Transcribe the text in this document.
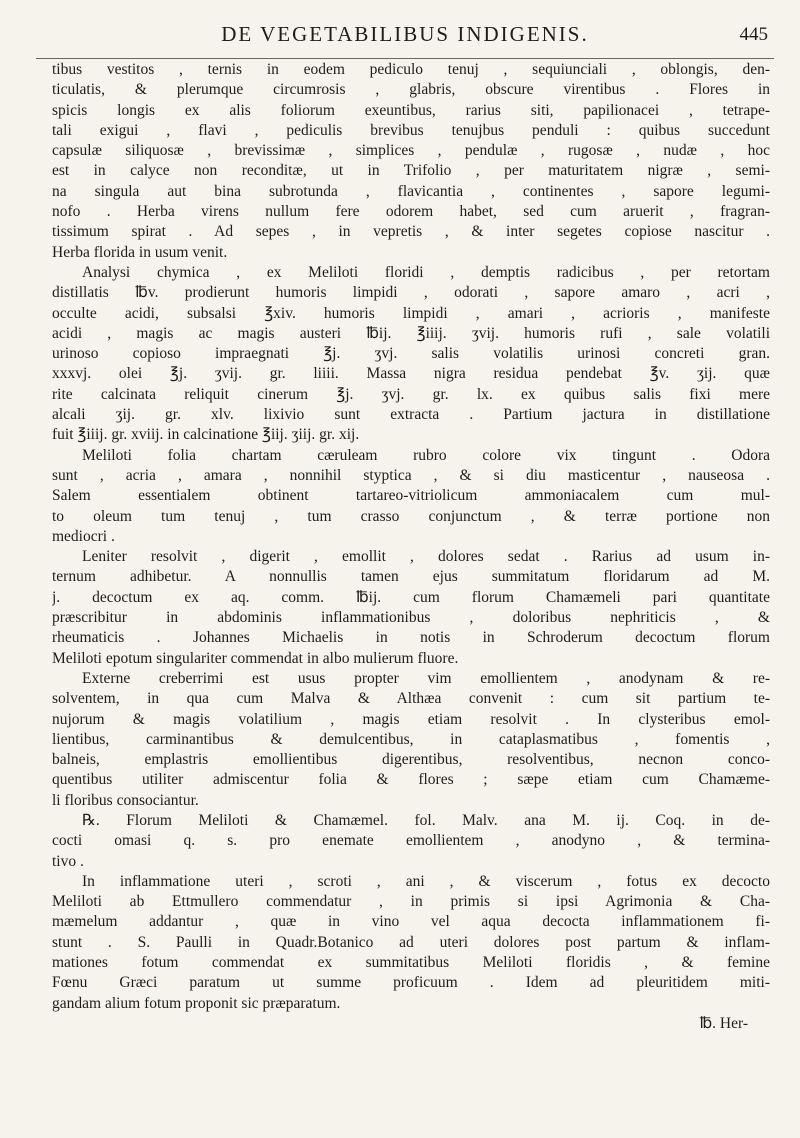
DE VEGETABILIBUS INDIGENIS.	445
tibus vestitos , ternis in eodem pediculo tenuj , sequiunciali , oblongis, den-
ticulatis, & plerumque circumrosis , glabris, obscure virentibus . Flores in
spicis longis ex alis foliorum exeuntibus, rarius siti, papilionacei , tetrape-
tali exigui , flavi , pediculis brevibus tenujbus penduli : quibus succedunt
capsulæ siliquosæ , brevissimæ , simplices , pendulæ , rugosæ , nudæ , hoc
est in calyce non reconditæ, ut in Trifolio , per maturitatem nigræ , semi-
na singula aut bina subrotunda , flavicantia , continentes , sapore legumi-
nofo . Herba virens nullum fere odorem habet, sed cum aruerit , fragran-
tissimum spirat . Ad sepes , in vepretis , & inter segetes copiose nascitur .
Herba florida in usum venit.
Analysi chymica , ex Meliloti floridi , demptis radicibus , per retortam
distillatis ℔v. prodierunt humoris limpidi , odorati , sapore amaro , acri ,
occulte acidi, subsalsi ℥xiv. humoris limpidi , amari , acrioris , manifeste
acidi , magis ac magis austeri ℔ij. ℥iiij. ʒvij. humoris rufi , sale volatili
urinoso copioso impraegnati ℥j. ʒvj. salis volatilis urinosi concreti gran.
xxxvj. olei ℥j. ʒvij. gr. liiii. Massa nigra residua pendebat ℥v. ʒij. quæ
rite calcinata reliquit cinerum ℥j. ʒvj. gr. lx. ex quibus salis fixi mere
alcali ʒij. gr. xlv. lixivio sunt extracta . Partium jactura in distillatione
fuit ℥iiij. gr. xviij. in calcinatione ℥iij. ʒiij. gr. xij.
Meliloti folia chartam cæruleam rubro colore vix tingunt . Odora
sunt , acria , amara , nonnihil styptica , & si diu masticentur , nauseosa .
Salem essentialem obtinent tartareo-vitriolicum ammoniacalem cum mul-
to oleum tum tenuj , tum crasso conjunctum , & terræ portione non
mediocri .
Leniter resolvit , digerit , emollit , dolores sedat . Rarius ad usum in-
ternum adhibetur. A nonnullis tamen ejus summitatum floridarum ad M.
j. decoctum ex aq. comm. ℔ij. cum florum Chamæmeli pari quantitate
præscribitur in abdominis inflammationibus , doloribus nephriticis , &
rheumaticis . Johannes Michaelis in notis in Schroderum decoctum florum
Meliloti epotum singulariter commendat in albo mulierum fluore.
Externe creberrimi est usus propter vim emollientem , anodynam & re-
solventem, in qua cum Malva & Althæa convenit : cum sit partium te-
nujorum & magis volatilium , magis etiam resolvit . In clysteribus emol-
lientibus, carminantibus & demulcentibus, in cataplasmatibus , fomentis ,
balneis, emplastris emollientibus digerentibus, resolventibus, necnon conco-
quentibus utiliter admiscentur folia & flores ; sæpe etiam cum Chamæme-
li floribus consociantur.
℞. Florum Meliloti & Chamæmel. fol. Malv. ana M. ij. Coq. in de-
cocti omasi q. s. pro enemate emollientem , anodyno , & termina-
tivo .
In inflammatione uteri , scroti , ani , & viscerum , fotus ex decocto
Meliloti ab Ettmullero commendatur , in primis si ipsi Agrimonia & Cha-
mæmelum addantur , quæ in vino vel aqua decocta inflammationem fi-
stunt . S. Paulli in Quadr.Botanico ad uteri dolores post partum & inflam-
mationes fotum commendat ex summitatibus Meliloti floridis , & femine
Fœnu Græci paratum ut summe proficuum . Idem ad pleuritidem miti-
gandam alium fotum proponit sic præparatum.
℔. Her-
